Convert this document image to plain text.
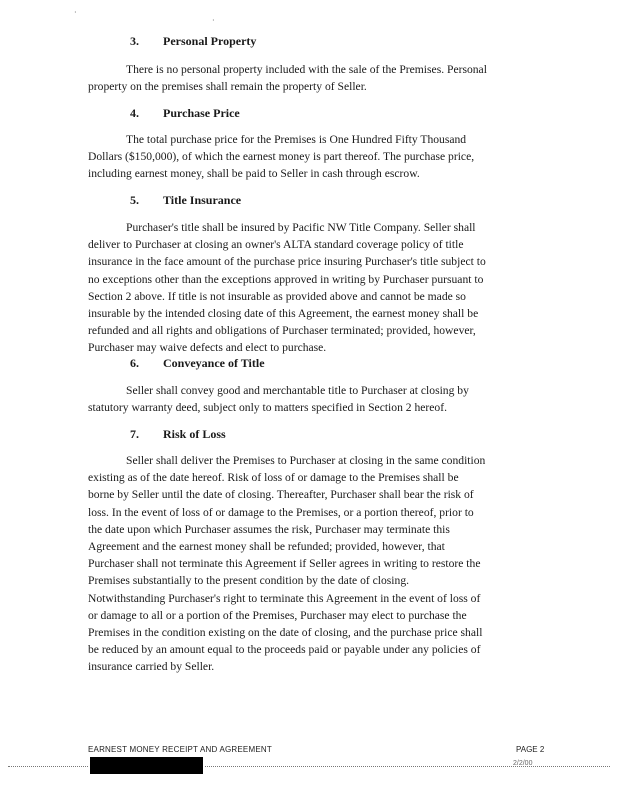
·
·
3.	Personal Property

There is no personal property included with the sale of the Premises. Personal
property on the premises shall remain the property of Seller.

4.	Purchase Price

The total purchase price for the Premises is One Hundred Fifty Thousand
Dollars ($150,000), of which the earnest money is part thereof. The purchase price,
including earnest money, shall be paid to Seller in cash through escrow.

5.	Title Insurance

Purchaser's title shall be insured by Pacific NW Title Company. Seller shall
deliver to Purchaser at closing an owner's ALTA standard coverage policy of title
insurance in the face amount of the purchase price insuring Purchaser's title subject to
no exceptions other than the exceptions approved in writing by Purchaser pursuant to
Section 2 above. If title is not insurable as provided above and cannot be made so
insurable by the intended closing date of this Agreement, the earnest money shall be
refunded and all rights and obligations of Purchaser terminated; provided, however,
Purchaser may waive defects and elect to purchase.

6.	Conveyance of Title

Seller shall convey good and merchantable title to Purchaser at closing by
statutory warranty deed, subject only to matters specified in Section 2 hereof.

7.	Risk of Loss

Seller shall deliver the Premises to Purchaser at closing in the same condition
existing as of the date hereof. Risk of loss of or damage to the Premises shall be
borne by Seller until the date of closing. Thereafter, Purchaser shall bear the risk of
loss. In the event of loss of or damage to the Premises, or a portion thereof, prior to
the date upon which Purchaser assumes the risk, Purchaser may terminate this
Agreement and the earnest money shall be refunded; provided, however, that
Purchaser shall not terminate this Agreement if Seller agrees in writing to restore the
Premises substantially to the present condition by the date of closing.
Notwithstanding Purchaser's right to terminate this Agreement in the event of loss of
or damage to all or a portion of the Premises, Purchaser may elect to purchase the
Premises in the condition existing on the date of closing, and the purchase price shall
be reduced by an amount equal to the proceeds paid or payable under any policies of
insurance carried by Seller.

EARNEST MONEY RECEIPT AND AGREEMENT	PAGE 2
2/2/00
